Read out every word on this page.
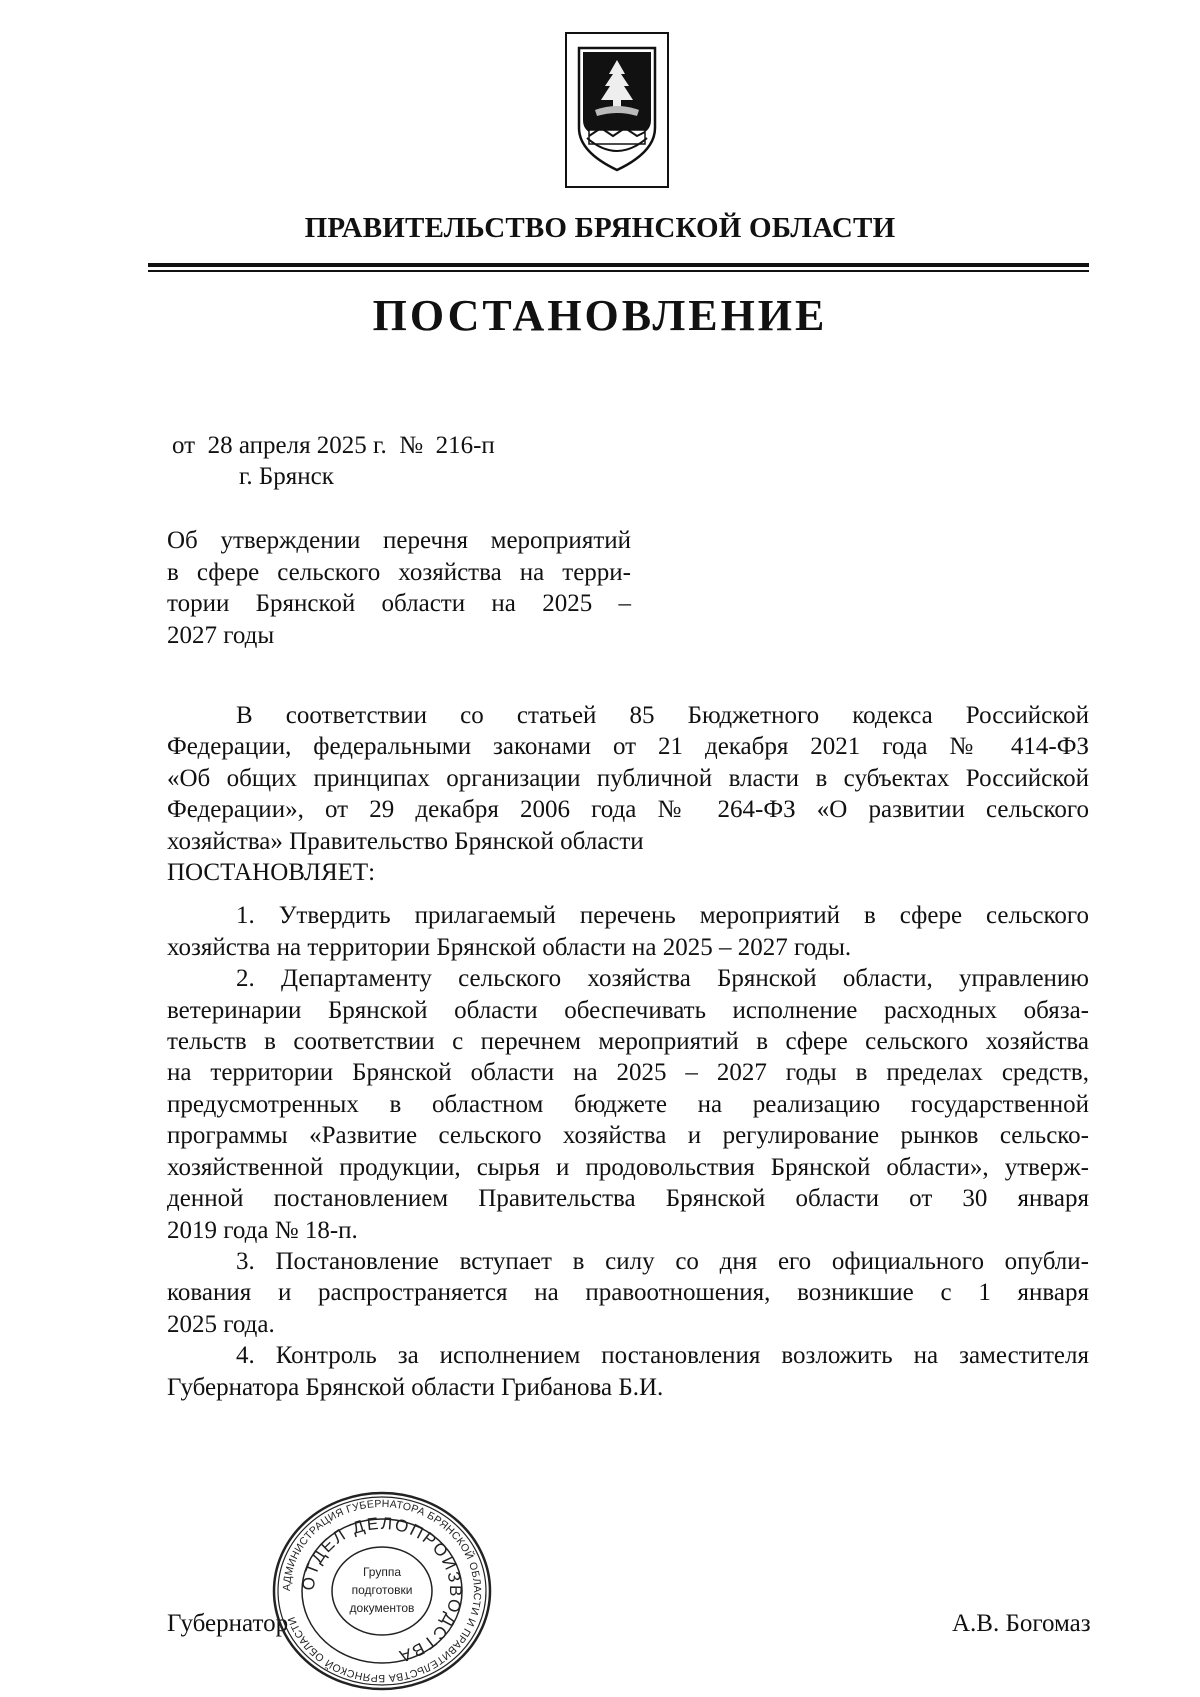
ПРАВИТЕЛЬСТВО БРЯНСКОЙ ОБЛАСТИ
ПОСТАНОВЛЕНИЕ
от  28 апреля 2025 г.  №  216-п
г. Брянск
Об утверждении перечня мероприятий
в сфере сельского хозяйства на терри-
тории Брянской области на 2025 –
2027 годы
В соответствии со статьей 85 Бюджетного кодекса Российской
Федерации, федеральными законами от 21 декабря 2021 года № 414-ФЗ
«Об общих принципах организации публичной власти в субъектах Российской
Федерации», от 29 декабря 2006 года № 264-ФЗ «О развитии сельского
хозяйства» Правительство Брянской области
ПОСТАНОВЛЯЕТ:
1. Утвердить прилагаемый перечень мероприятий в сфере сельского
хозяйства на территории Брянской области на 2025 – 2027 годы.
2. Департаменту сельского хозяйства Брянской области, управлению
ветеринарии Брянской области обеспечивать исполнение расходных обяза-
тельств в соответствии с перечнем мероприятий в сфере сельского хозяйства
на территории Брянской области на 2025 – 2027 годы в пределах средств,
предусмотренных в областном бюджете на реализацию государственной
программы «Развитие сельского хозяйства и регулирование рынков сельско-
хозяйственной продукции, сырья и продовольствия Брянской области», утверж-
денной постановлением Правительства Брянской области от 30 января
2019 года № 18-п.
3. Постановление вступает в силу со дня его официального опубли-
кования и распространяется на правоотношения, возникшие с 1 января
2025 года.
4. Контроль за исполнением постановления возложить на заместителя
Губернатора Брянской области Грибанова Б.И.
Губернатор	А.В. Богомаз
АДМИНИСТРАЦИЯ ГУБЕРНАТОРА БРЯНСКОЙ ОБЛАСТИ И ПРАВИТЕЛЬСТВА БРЯНСКОЙ ОБЛАСТИ
ОТДЕЛ ДЕЛОПРОИЗВОДСТВА
Группа
подготовки
документов
